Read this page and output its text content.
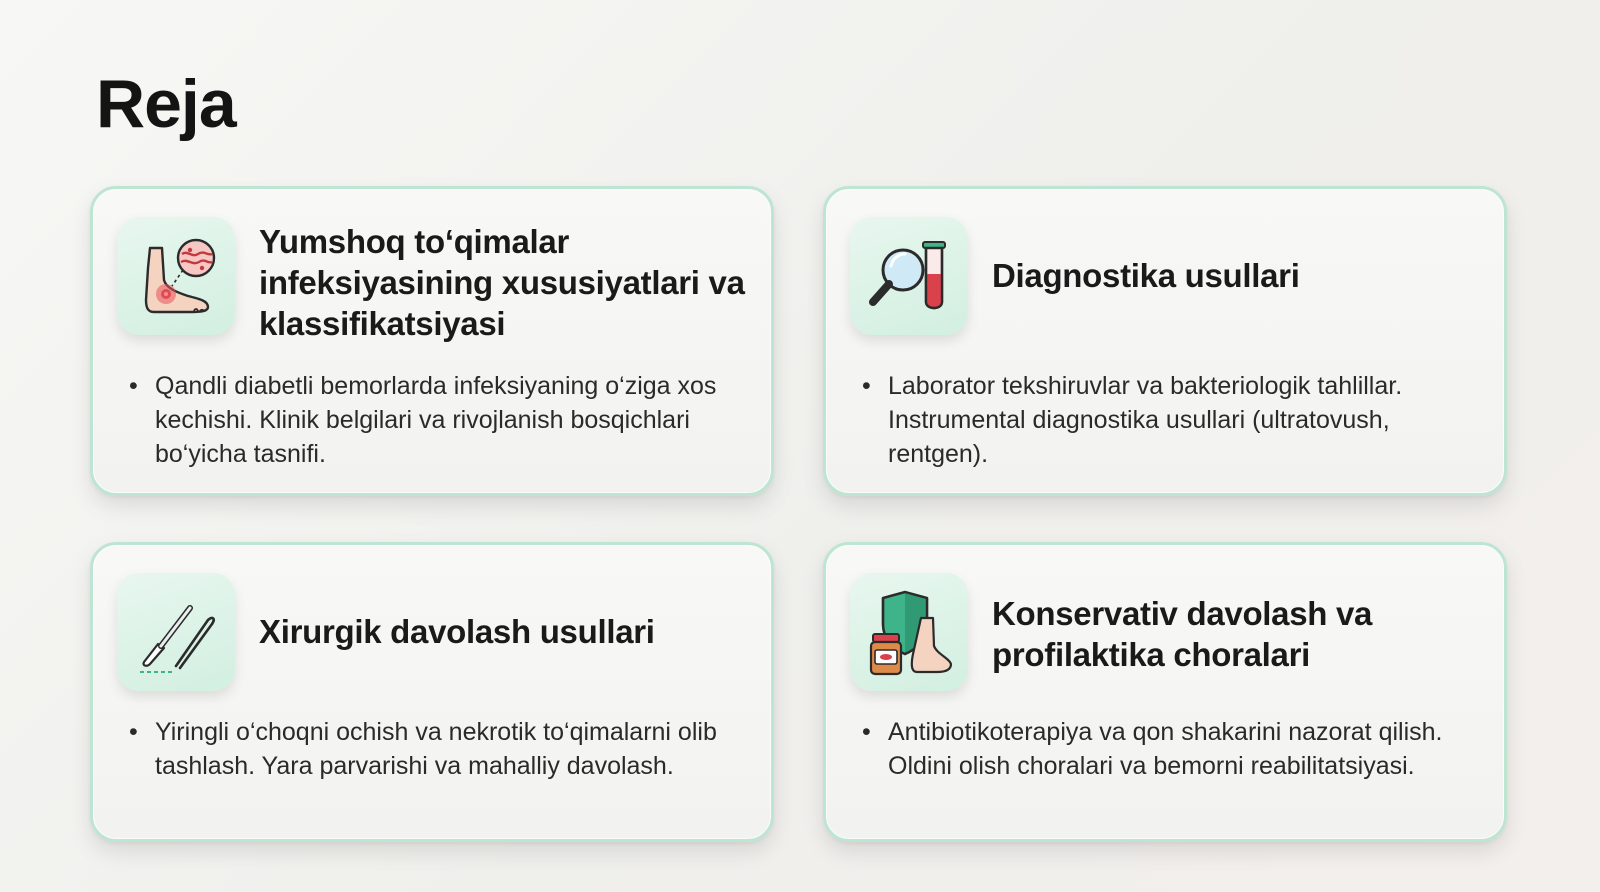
Reja
Yumshoq to‘qimalar infeksiyasining xususiyatlari va klassifikatsiyasi
• Qandli diabetli bemorlarda infeksiyaning o‘ziga xos kechishi. Klinik belgilari va rivojlanish bosqichlari bo‘yicha tasnifi.
Diagnostika usullari
• Laborator tekshiruvlar va bakteriologik tahlillar. Instrumental diagnostika usullari (ultratovush, rentgen).
Xirurgik davolash usullari
• Yiringli o‘choqni ochish va nekrotik to‘qimalarni olib tashlash. Yara parvarishi va mahalliy davolash.
Konservativ davolash va profilaktika choralari
• Antibiotikoterapiya va qon shakarini nazorat qilish. Oldini olish choralari va bemorni reabilitatsiyasi.
